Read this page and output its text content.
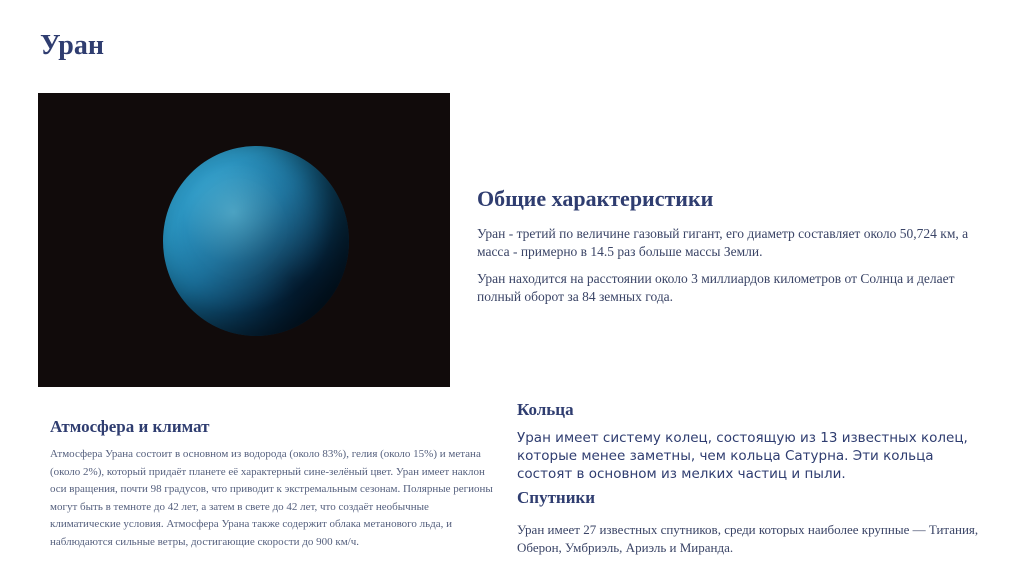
Уран
Общие характеристики

Уран - третий по величине газовый гигант, его диаметр составляет около 50,724 км, а масса - примерно в 14.5 раз больше массы Земли.

Уран находится на расстоянии около 3 миллиардов километров от Солнца и делает полный оборот за 84 земных года.

Атмосфера и климат

Атмосфера Урана состоит в основном из водорода (около 83%), гелия (около 15%) и метана (около 2%), который придаёт планете её характерный сине-зелёный цвет. Уран имеет наклон оси вращения, почти 98 градусов, что приводит к экстремальным сезонам. Полярные регионы могут быть в темноте до 42 лет, а затем в свете до 42 лет, что создаёт необычные климатические условия. Атмосфера Урана также содержит облака метанового льда, и наблюдаются сильные ветры, достигающие скорости до 900 км/ч.

Кольца

Уран имеет систему колец, состоящую из 13 известных колец, которые менее заметны, чем кольца Сатурна. Эти кольца состоят в основном из мелких частиц и пыли.

Спутники

Уран имеет 27 известных спутников, среди которых наиболее крупные — Титания, Оберон, Умбриэль, Ариэль и Миранда.
